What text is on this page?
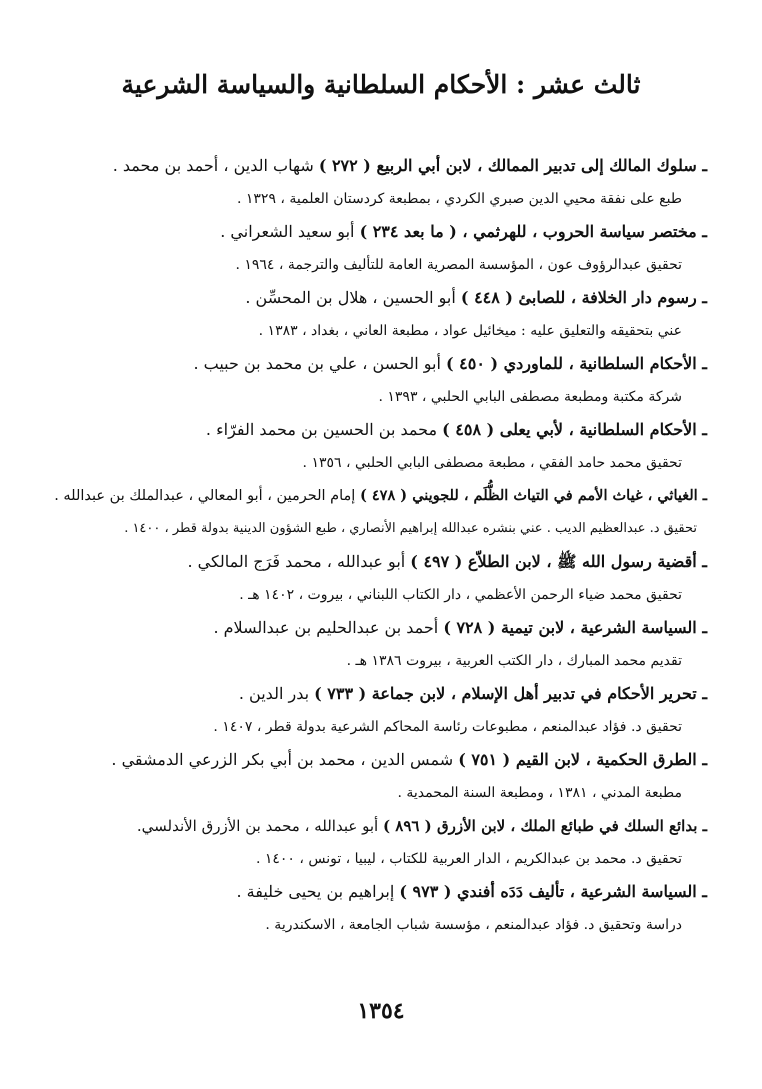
ثالث عشر : الأحكام السلطانية والسياسة الشرعية
ـ سلوك المالك إلى تدبير الممالك ، لابن أبي الربيع ( ٢٧٢ ) شهاب الدين ، أحمد بن محمد .
طبع على نفقة محيي الدين صبري الكردي ، بمطبعة كردستان العلمية ، ١٣٢٩ .
ـ مختصر سياسة الحروب ، للهرثمي ، ( ما بعد ٢٣٤ ) أبو سعيد الشعراني .
تحقيق عبدالرؤوف عون ، المؤسسة المصرية العامة للتأليف والترجمة ، ١٩٦٤ .
ـ رسوم دار الخلافة ، للصابئ ( ٤٤٨ ) أبو الحسين ، هلال بن المحسِّن .
عني بتحقيقه والتعليق عليه : ميخائيل عواد ، مطبعة العاني ، بغداد ، ١٣٨٣ .
ـ الأحكام السلطانية ، للماوردي ( ٤٥٠ ) أبو الحسن ، علي بن محمد بن حبيب .
شركة مكتبة ومطبعة مصطفى البابي الحلبي ، ١٣٩٣ .
ـ الأحكام السلطانية ، لأبي يعلى ( ٤٥٨ ) محمد بن الحسين بن محمد الفرّاء .
تحقيق محمد حامد الفقي ، مطبعة مصطفى البابي الحلبي ، ١٣٥٦ .
ـ الغياثي ، غياث الأمم في التياث الظُّلَم ، للجويني ( ٤٧٨ ) إمام الحرمين ، أبو المعالي ، عبدالملك بن عبدالله .
تحقيق د. عبدالعظيم الديب . عني بنشره عبدالله إبراهيم الأنصاري ، طبع الشؤون الدينية بدولة قطر ، ١٤٠٠ .
ـ أقضية رسول الله ﷺ ، لابن الطلاّع ( ٤٩٧ ) أبو عبدالله ، محمد فَرَج المالكي .
تحقيق محمد ضياء الرحمن الأعظمي ، دار الكتاب اللبناني ، بيروت ، ١٤٠٢ هـ .
ـ السياسة الشرعية ، لابن تيمية ( ٧٢٨ ) أحمد بن عبدالحليم بن عبدالسلام .
تقديم محمد المبارك ، دار الكتب العربية ، بيروت ١٣٨٦ هـ .
ـ تحرير الأحكام في تدبير أهل الإسلام ، لابن جماعة ( ٧٣٣ ) بدر الدين .
تحقيق د. فؤاد عبدالمنعم ، مطبوعات رئاسة المحاكم الشرعية بدولة قطر ، ١٤٠٧ .
ـ الطرق الحكمية ، لابن القيم ( ٧٥١ ) شمس الدين ، محمد بن أبي بكر الزرعي الدمشقي .
مطبعة المدني ، ١٣٨١ ، ومطبعة السنة المحمدية .
ـ بدائع السلك في طبائع الملك ، لابن الأزرق ( ٨٩٦ ) أبو عبدالله ، محمد بن الأزرق الأندلسي.
تحقيق د. محمد بن عبدالكريم ، الدار العربية للكتاب ، ليبيا ، تونس ، ١٤٠٠ .
ـ السياسة الشرعية ، تأليف دَدَه أفندي ( ٩٧٣ ) إبراهيم بن يحيى خليفة .
دراسة وتحقيق د. فؤاد عبدالمنعم ، مؤسسة شباب الجامعة ، الاسكندرية .
١٣٥٤
